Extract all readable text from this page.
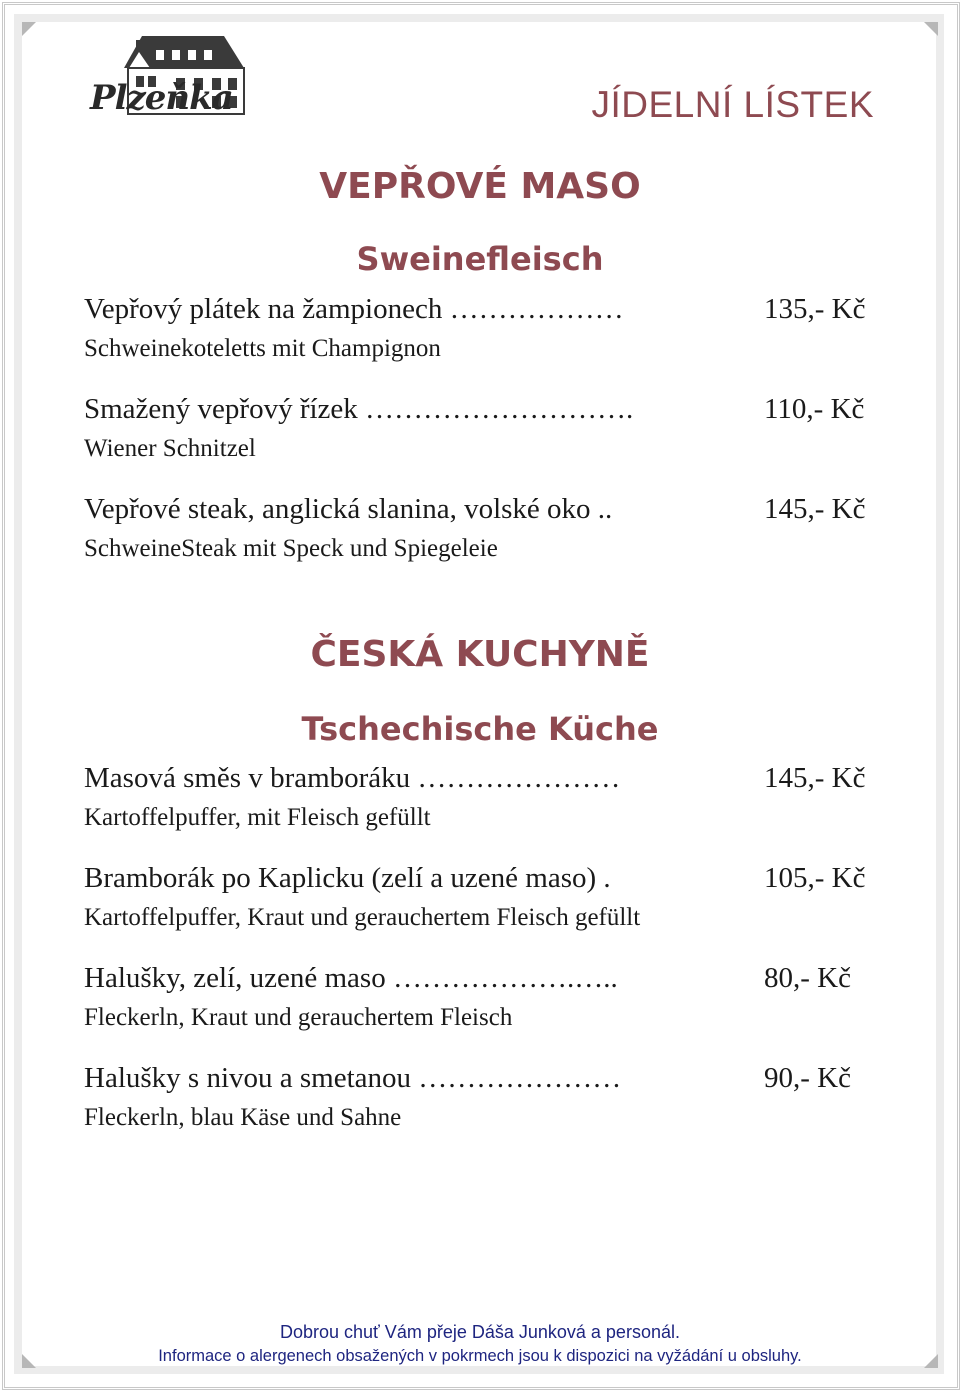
Plzeňka	JÍDELNÍ LÍSTEK
VEPŘOVÉ MASO
Sweinefleisch
Vepřový plátek na žampionech ………………
Schweinekoteletts mit Champignon
135,- Kč
Smažený vepřový řízek ……………………….
Wiener Schnitzel
110,- Kč
Vepřové steak, anglická slanina, volské oko ..
SchweineSteak mit Speck und Spiegeleie
145,- Kč
ČESKÁ KUCHYNĚ
Tschechische Küche
Masová směs v bramboráku …………………
Kartoffelpuffer, mit Fleisch gefüllt
145,- Kč
Bramborák po Kaplicku (zelí a uzené maso) .
Kartoffelpuffer, Kraut und gerauchertem Fleisch gefüllt
105,- Kč
Halušky, zelí, uzené maso ……………….…..
Fleckerln, Kraut und gerauchertem Fleisch
80,- Kč
Halušky s nivou a smetanou …………………
Fleckerln, blau Käse und Sahne
90,- Kč
Dobrou chuť Vám přeje Dáša Junková a personál.
Informace o alergenech obsažených v pokrmech jsou k dispozici na vyžádání u obsluhy.
